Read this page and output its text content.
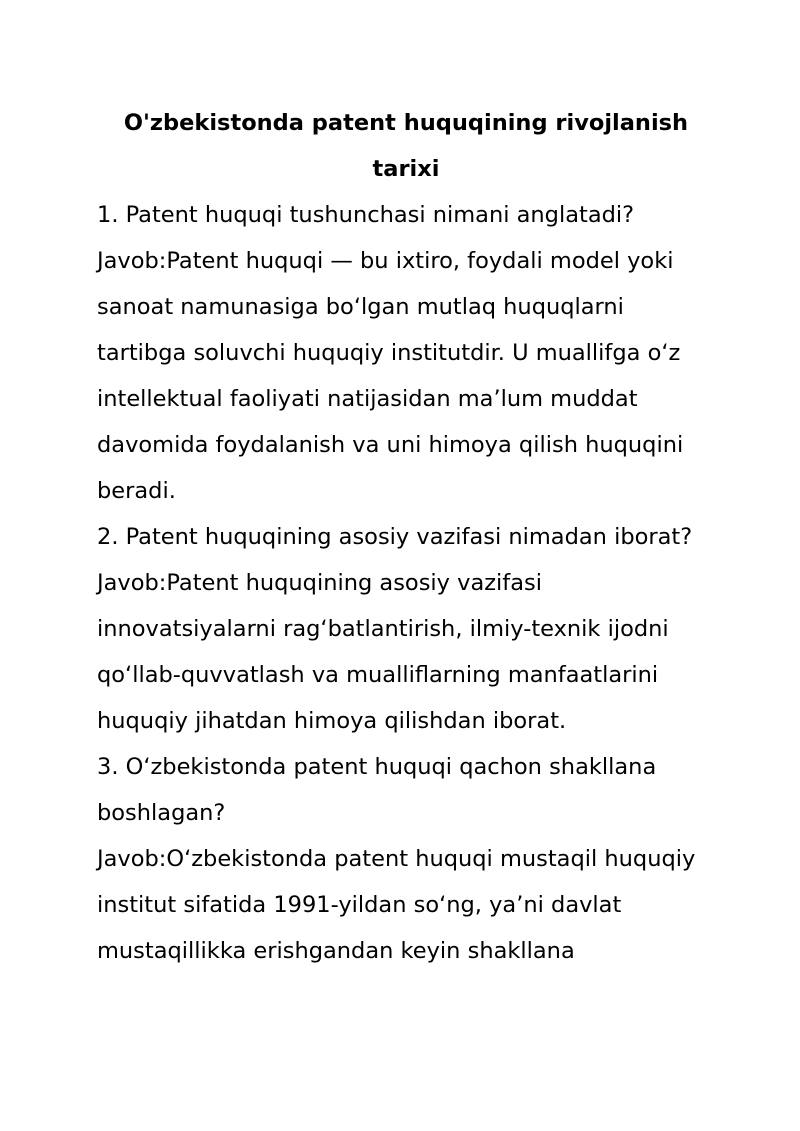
O'zbekistonda patent huquqining rivojlanish
tarixi
1. Patent huquqi tushunchasi nimani anglatadi?
Javob:Patent huquqi — bu ixtiro, foydali model yoki
sanoat namunasiga bo‘lgan mutlaq huquqlarni
tartibga soluvchi huquqiy institutdir. U muallifga o‘z
intellektual faoliyati natijasidan ma’lum muddat
davomida foydalanish va uni himoya qilish huquqini
beradi.
2. Patent huquqining asosiy vazifasi nimadan iborat?
Javob:Patent huquqining asosiy vazifasi
innovatsiyalarni rag‘batlantirish, ilmiy-texnik ijodni
qo‘llab-quvvatlash va mualliflarning manfaatlarini
huquqiy jihatdan himoya qilishdan iborat.
3. O‘zbekistonda patent huquqi qachon shakllana
boshlagan?
Javob:O‘zbekistonda patent huquqi mustaqil huquqiy
institut sifatida 1991-yildan so‘ng, ya’ni davlat
mustaqillikka erishgandan keyin shakllana
